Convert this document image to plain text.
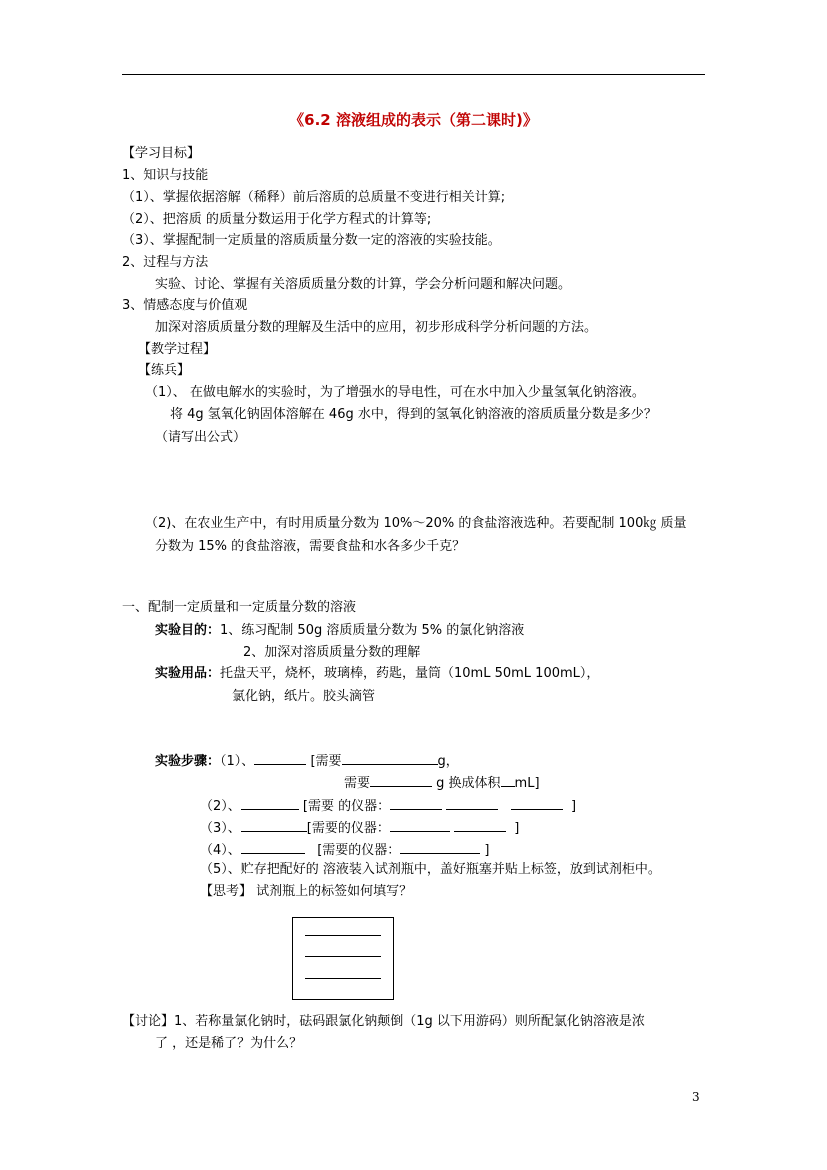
《6.2 溶液组成的表示（第二课时)》
【学习目标】
1、知识与技能
（1）、掌握依据溶解（稀释）前后溶质的总质量不变进行相关计算;
（2）、把溶质 的质量分数运用于化学方程式的计算等;
（3）、掌握配制一定质量的溶质质量分数一定的溶液的实验技能。
2、过程与方法
实验、讨论、掌握有关溶质质量分数的计算，学会分析问题和解决问题。
3、情感态度与价值观
加深对溶质质量分数的理解及生活中的应用，初步形成科学分析问题的方法。
【教学过程】
【练兵】
（1）、 在做电解水的实验时，为了增强水的导电性，可在水中加入少量氢氧化钠溶液。
将 4g 氢氧化钠固体溶解在 46g 水中，得到的氢氧化钠溶液的溶质质量分数是多少？
（请写出公式）
（2)、在农业生产中，有时用质量分数为 10%～20% 的食盐溶液选种。若要配制 100㎏ 质量
分数为 15% 的食盐溶液，需要食盐和水各多少千克？
一、配制一定质量和一定质量分数的溶液
实验目的：1、练习配制 50g 溶质质量分数为 5% 的氯化钠溶液
2、加深对溶质质量分数的理解
实验用品：托盘天平，烧杯，玻璃棒，药匙，量筒（10mL 50mL 100mL），
氯化钠，纸片。胶头滴管
实验步骤：（1）、	[需要	g，
需要	g 换成体积 mL]
（2）、	[需要 的仪器：	]
（3）、	[需要的仪器：	]
（4）、	[需要的仪器：	]
（5）、贮存把配好的 溶液装入试剂瓶中，盖好瓶塞并贴上标签，放到试剂柜中。
【思考】 试剂瓶上的标签如何填写？
【讨论】1、若称量氯化钠时，砝码跟氯化钠颠倒（1g 以下用游码）则所配氯化钠溶液是浓
了 ，还是稀了？为什么？
3
